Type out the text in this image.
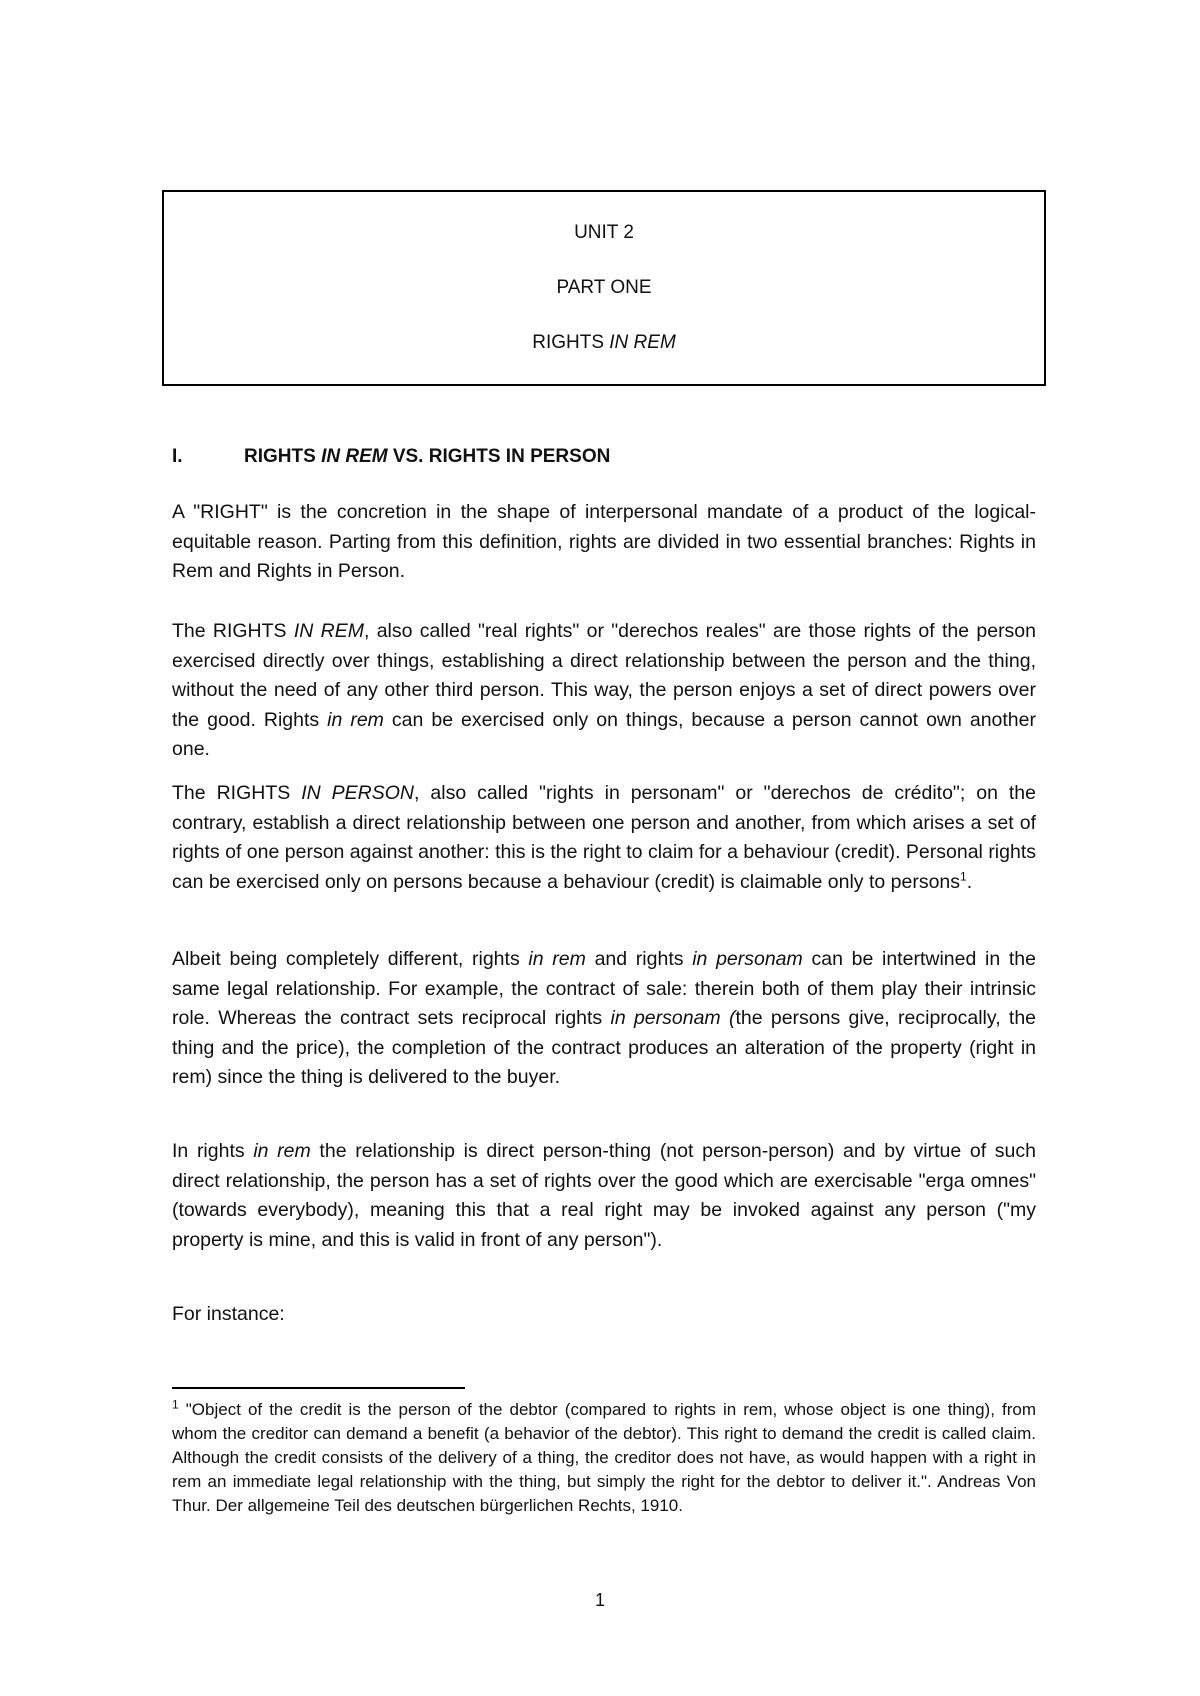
UNIT 2
PART ONE
RIGHTS IN REM
I.	RIGHTS IN REM VS. RIGHTS IN PERSON

A "RIGHT" is the concretion in the shape of interpersonal mandate of a product of the logical-equitable reason. Parting from this definition, rights are divided in two essential branches: Rights in Rem and Rights in Person.

The RIGHTS IN REM, also called "real rights" or "derechos reales" are those rights of the person exercised directly over things, establishing a direct relationship between the person and the thing, without the need of any other third person. This way, the person enjoys a set of direct powers over the good. Rights in rem can be exercised only on things, because a person cannot own another one.

The RIGHTS IN PERSON, also called "rights in personam" or "derechos de crédito"; on the contrary, establish a direct relationship between one person and another, from which arises a set of rights of one person against another: this is the right to claim for a behaviour (credit). Personal rights can be exercised only on persons because a behaviour (credit) is claimable only to persons$^1$.

Albeit being completely different, rights in rem and rights in personam can be intertwined in the same legal relationship. For example, the contract of sale: therein both of them play their intrinsic role. Whereas the contract sets reciprocal rights in personam (the persons give, reciprocally, the thing and the price), the completion of the contract produces an alteration of the property (right in rem) since the thing is delivered to the buyer.

In rights in rem the relationship is direct person-thing (not person-person) and by virtue of such direct relationship, the person has a set of rights over the good which are exercisable "erga omnes" (towards everybody), meaning this that a real right may be invoked against any person ("my property is mine, and this is valid in front of any person").

For instance:

$^1$ "Object of the credit is the person of the debtor (compared to rights in rem, whose object is one thing), from whom the creditor can demand a benefit (a behavior of the debtor). This right to demand the credit is called claim. Although the credit consists of the delivery of a thing, the creditor does not have, as would happen with a right in rem an immediate legal relationship with the thing, but simply the right for the debtor to deliver it.". Andreas Von Thur. Der allgemeine Teil des deutschen bürgerlichen Rechts, 1910.

1
